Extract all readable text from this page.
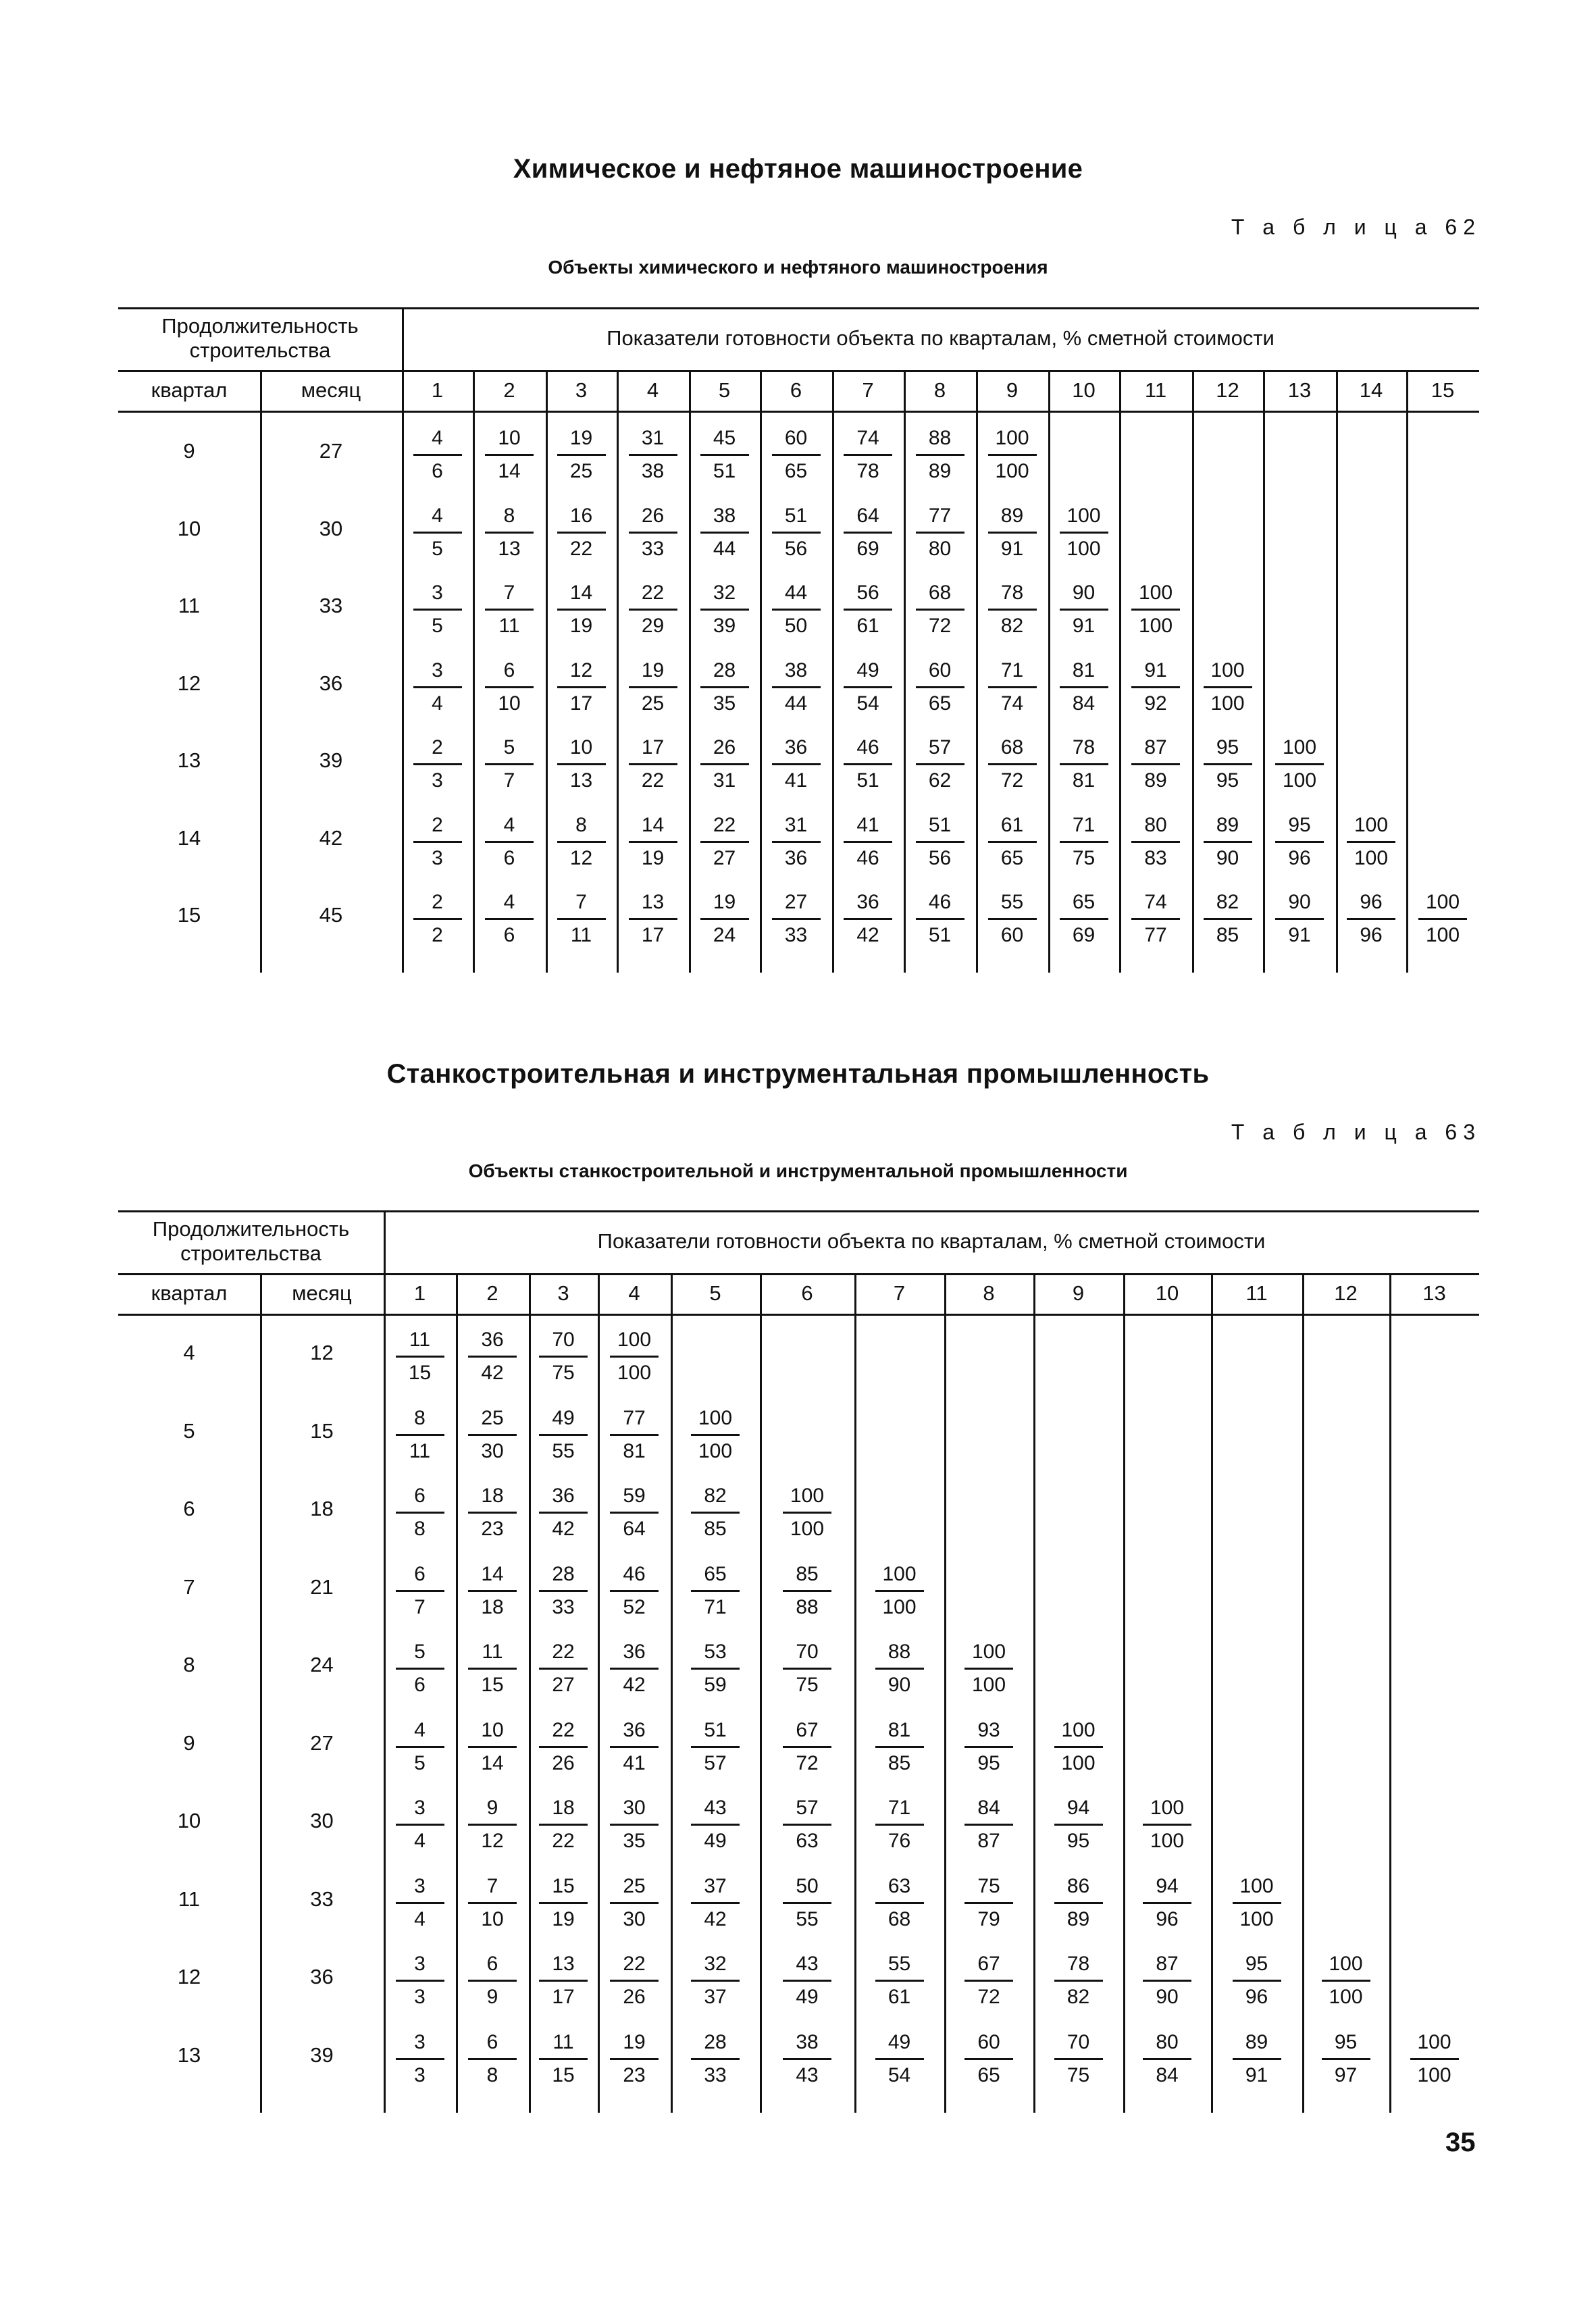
Химическое и нефтяное машиностроение
Т а б л и ц а 62
Объекты химического и нефтяного машиностроения
Станкостроительная и инструментальная промышленность
Т а б л и ц а 63
Объекты станкостроительной и инструментальной промышленности
35
Продолжительность строительства
Показатели готовности объекта по кварталам, % сметной стоимости
квартал	месяц	1	2	3	4	5	6	7	8	9	10	11	12	13	14	15
9	27	$\frac{4}{6} \frac{10}{14} \frac{19}{25} \frac{31}{38} \frac{45}{51} \frac{60}{65} \frac{74}{78} \frac{88}{89} \frac{100}{100}$
10	30	$\frac{4}{5} \frac{8}{13} \frac{16}{22} \frac{26}{33} \frac{38}{44} \frac{51}{56} \frac{64}{69} \frac{77}{80} \frac{89}{91} \frac{100}{100}$
11	33	$\frac{3}{5} \frac{7}{11} \frac{14}{19} \frac{22}{29} \frac{32}{39} \frac{44}{50} \frac{56}{61} \frac{68}{72} \frac{78}{82} \frac{90}{91} \frac{100}{100}$
12	36	$\frac{3}{4} \frac{6}{10} \frac{12}{17} \frac{19}{25} \frac{28}{35} \frac{38}{44} \frac{49}{54} \frac{60}{65} \frac{71}{74} \frac{81}{84} \frac{91}{92} \frac{100}{100}$
13	39	$\frac{2}{3} \frac{5}{7} \frac{10}{13} \frac{17}{22} \frac{26}{31} \frac{36}{41} \frac{46}{51} \frac{57}{62} \frac{68}{72} \frac{78}{81} \frac{87}{89} \frac{95}{95} \frac{100}{100}$
14	42	$\frac{2}{3} \frac{4}{6} \frac{8}{12} \frac{14}{19} \frac{22}{27} \frac{31}{36} \frac{41}{46} \frac{51}{56} \frac{61}{65} \frac{71}{75} \frac{80}{83} \frac{89}{90} \frac{95}{96} \frac{100}{100}$
15	45	$\frac{2}{2} \frac{4}{6} \frac{7}{11} \frac{13}{17} \frac{19}{24} \frac{27}{33} \frac{36}{42} \frac{46}{51} \frac{55}{60} \frac{65}{69} \frac{74}{77} \frac{82}{85} \frac{90}{91} \frac{96}{96} \frac{100}{100}$
Продолжительность строительства
Показатели готовности объекта по кварталам, % сметной стоимости
квартал	месяц	1	2	3	4	5	6	7	8	9	10	11	12	13
4	12	$\frac{11}{15} \frac{36}{42} \frac{70}{75} \frac{100}{100}$
5	15	$\frac{8}{11} \frac{25}{30} \frac{49}{55} \frac{77}{81} \frac{100}{100}$
6	18	$\frac{6}{8} \frac{18}{23} \frac{36}{42} \frac{59}{64} \frac{82}{85} \frac{100}{100}$
7	21	$\frac{6}{7} \frac{14}{18} \frac{28}{33} \frac{46}{52} \frac{65}{71} \frac{85}{88} \frac{100}{100}$
8	24	$\frac{5}{6} \frac{11}{15} \frac{22}{27} \frac{36}{42} \frac{53}{59} \frac{70}{75} \frac{88}{90} \frac{100}{100}$
9	27	$\frac{4}{5} \frac{10}{14} \frac{22}{26} \frac{36}{41} \frac{51}{57} \frac{67}{72} \frac{81}{85} \frac{93}{95} \frac{100}{100}$
10	30	$\frac{3}{4} \frac{9}{12} \frac{18}{22} \frac{30}{35} \frac{43}{49} \frac{57}{63} \frac{71}{76} \frac{84}{87} \frac{94}{95} \frac{100}{100}$
11	33	$\frac{3}{4} \frac{7}{10} \frac{15}{19} \frac{25}{30} \frac{37}{42} \frac{50}{55} \frac{63}{68} \frac{75}{79} \frac{86}{89} \frac{94}{96} \frac{100}{100}$
12	36	$\frac{3}{3} \frac{6}{9} \frac{13}{17} \frac{22}{26} \frac{32}{37} \frac{43}{49} \frac{55}{61} \frac{67}{72} \frac{78}{82} \frac{87}{90} \frac{95}{96} \frac{100}{100}$
13	39	$\frac{3}{3} \frac{6}{8} \frac{11}{15} \frac{19}{23} \frac{28}{33} \frac{38}{43} \frac{49}{54} \frac{60}{65} \frac{70}{75} \frac{80}{84} \frac{89}{91} \frac{95}{97} \frac{100}{100}$
